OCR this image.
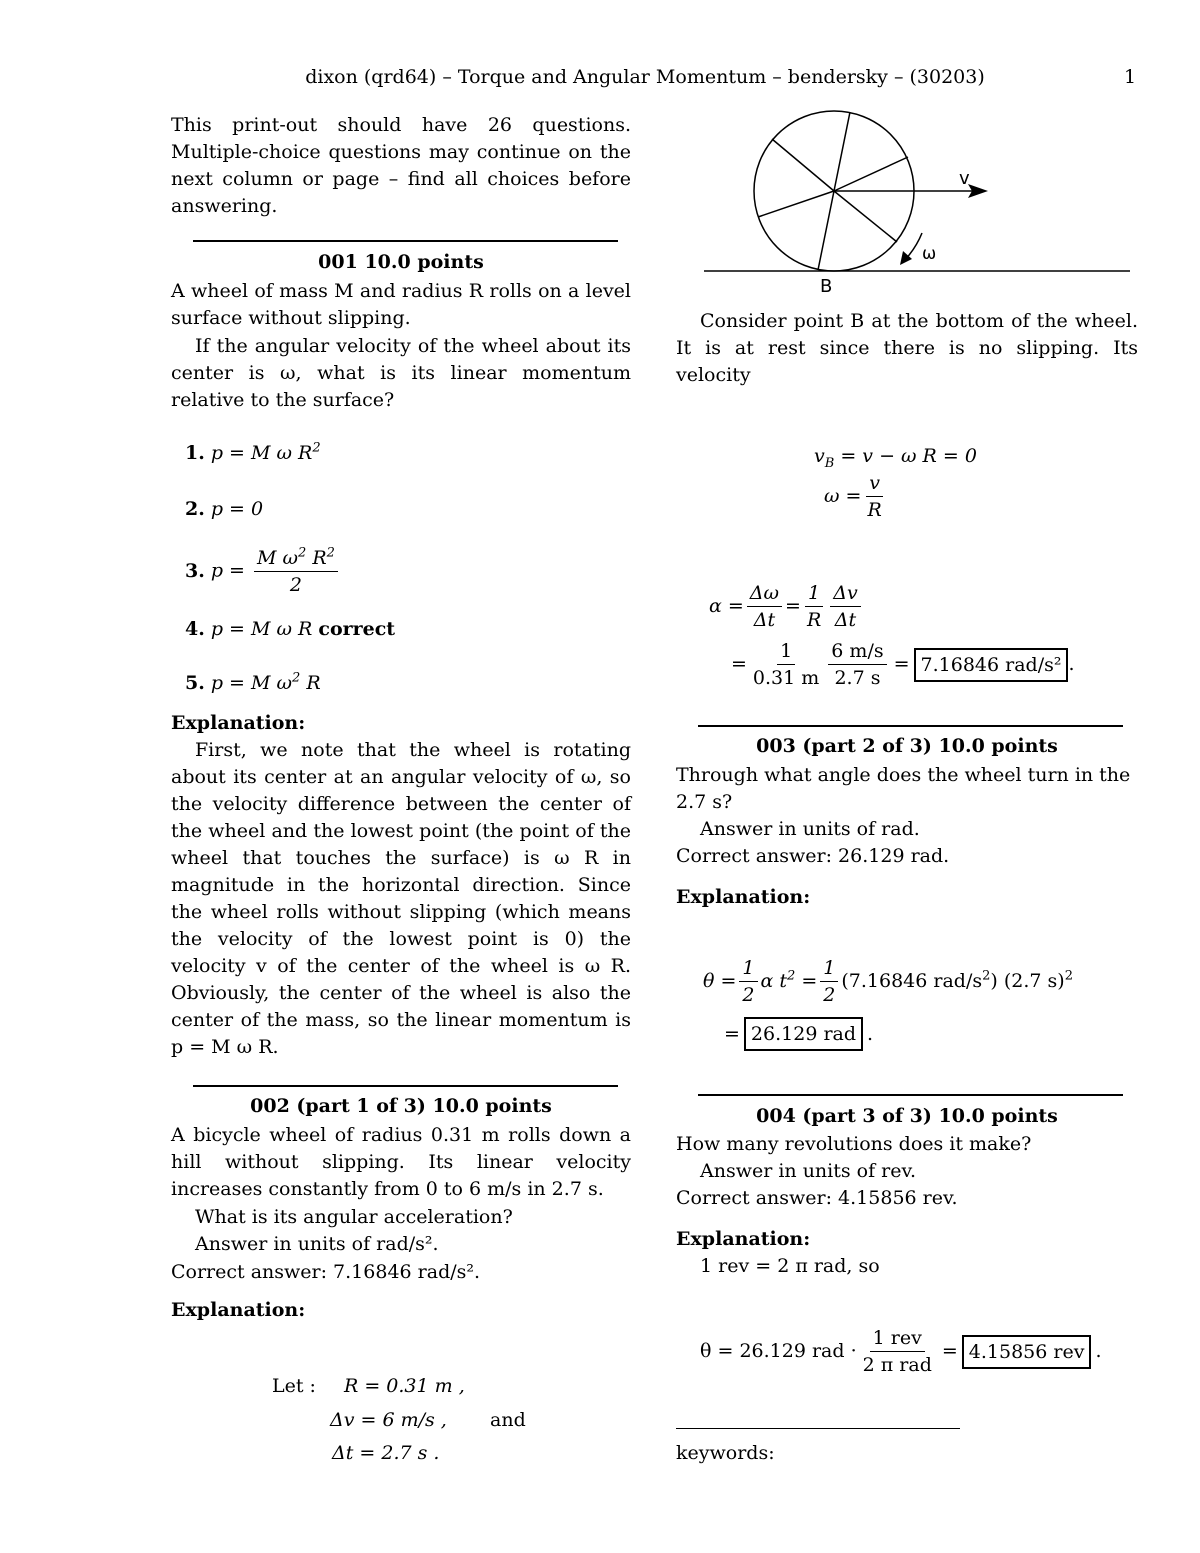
dixon (qrd64) – Torque and Angular Momentum – bendersky – (30203)	1

This print-out should have 26 questions. Multiple-choice questions may continue on the next column or page – find all choices before answering.

001 10.0 points

A wheel of mass M and radius R rolls on a level surface without slipping.

If the angular velocity of the wheel about its center is ω, what is its linear momentum relative to the surface?

1. p = M ω $R^2$
2. p = 0
3. $p = \frac{M \omega^2 R^2}{2}$
4. p = M ω R correct
5. p = M $\omega^2$ R
Explanation:

First, we note that the wheel is rotating about its center at an angular velocity of ω, so the velocity difference between the center of the wheel and the lowest point (the point of the wheel that touches the surface) is ω R in magnitude in the horizontal direction. Since the wheel rolls without slipping (which means the velocity of the lowest point is 0) the velocity v of the center of the wheel is ω R. Obviously, the center of the wheel is also the center of the mass, so the linear momentum is p = M ω R.

002 (part 1 of 3) 10.0 points

A bicycle wheel of radius 0.31 m rolls down a hill without slipping. Its linear velocity increases constantly from 0 to 6 m/s in 2.7 s.

What is its angular acceleration?

Answer in units of rad/s².

Correct answer: 7.16846 rad/s².

Explanation:
Let : R = 0.31 m ,
Δv = 6 m/s , and
Δt = 2.7 s .
v
ω
B

Consider point B at the bottom of the wheel. It is at rest since there is no slipping. Its velocity

$v_B = v - \omega$ R = 0
$\omega = \frac{v}{R}$
$\alpha = \frac{\Delta\omega}{\Delta t} = \frac{1}{R} \frac{\Delta v}{\Delta t}$
= $\frac{1}{0.31 m} \frac{6 m/s}{2.7 s} = 7.16846$ rad/s² .
003 (part 2 of 3) 10.0 points

Through what angle does the wheel turn in the 2.7 s?

Answer in units of rad.

Correct answer: 26.129 rad.

Explanation:
$\theta = \frac{1}{2}$ α $t^2 = \frac{1}{2} (7.16846$ rad/$s^2$) (2.7 s)$^2$
= 26.129 rad .
004 (part 3 of 3) 10.0 points

How many revolutions does it make?

Answer in units of rev.

Correct answer: 4.15856 rev.

Explanation:

1 rev = 2 π rad, so

θ = 26.129 rad · $\frac{\text{1 rev}}{\text{2 π rad}} = 4.15856$ rev .
keywords:
